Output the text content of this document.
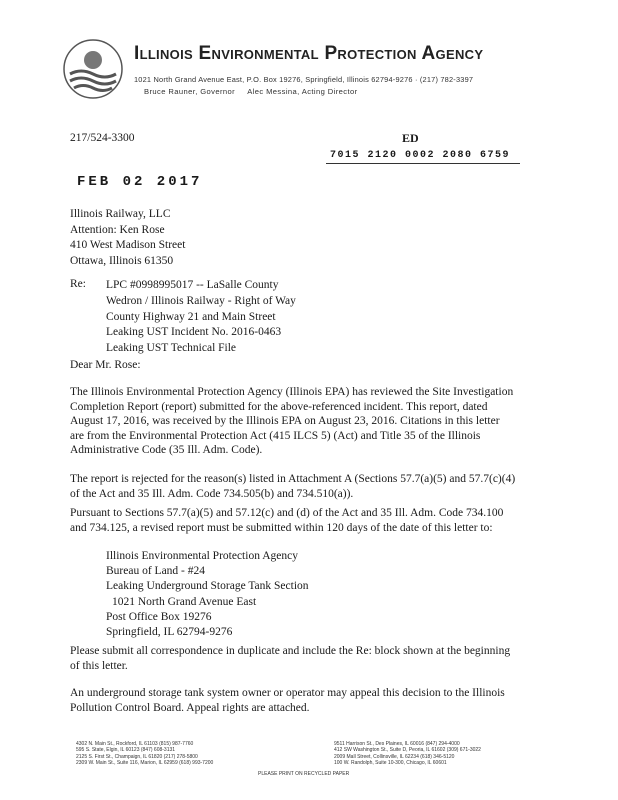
Illinois Environmental Protection Agency
1021 North Grand Avenue East, P.O. Box 19276, Springfield, Illinois 62794-9276 · (217) 782-3397
Bruce Rauner, Governor Alec Messina, Acting Director
217/524-3300	ED
7015 2120 0002 2080 6759
FEB 02 2017
Illinois Railway, LLC
Attention: Ken Rose
410 West Madison Street
Ottawa, Illinois 61350
Re: LPC #0998995017 -- LaSalle County
Wedron / Illinois Railway - Right of Way
County Highway 21 and Main Street
Leaking UST Incident No. 2016-0463
Leaking UST Technical File
Dear Mr. Rose:
The Illinois Environmental Protection Agency (Illinois EPA) has reviewed the Site Investigation
Completion Report (report) submitted for the above-referenced incident. This report, dated
August 17, 2016, was received by the Illinois EPA on August 23, 2016. Citations in this letter
are from the Environmental Protection Act (415 ILCS 5) (Act) and Title 35 of the Illinois
Administrative Code (35 Ill. Adm. Code).
The report is rejected for the reason(s) listed in Attachment A (Sections 57.7(a)(5) and 57.7(c)(4)
of the Act and 35 Ill. Adm. Code 734.505(b) and 734.510(a)).
Pursuant to Sections 57.7(a)(5) and 57.12(c) and (d) of the Act and 35 Ill. Adm. Code 734.100
and 734.125, a revised report must be submitted within 120 days of the date of this letter to:
Illinois Environmental Protection Agency
Bureau of Land - #24
Leaking Underground Storage Tank Section
1021 North Grand Avenue East
Post Office Box 19276
Springfield, IL 62794-9276
Please submit all correspondence in duplicate and include the Re: block shown at the beginning
of this letter.
An underground storage tank system owner or operator may appeal this decision to the Illinois
Pollution Control Board. Appeal rights are attached.
4302 N. Main St., Rockford, IL 61103 (815) 987-7760
595 S. State, Elgin, IL 60123 (847) 608-3131
2125 S. First St., Champaign, IL 61820 (217) 278-5800
2309 W. Main St., Suite 116, Marion, IL 62959 (618) 993-7200
9511 Harrison St., Des Plaines, IL 60016 (847) 294-4000
412 SW Washington St., Suite D, Peoria, IL 61602 (309) 671-3022
2009 Mall Street, Collinsville, IL 62234 (618) 346-5120
100 W. Randolph, Suite 10-300, Chicago, IL 60601
PLEASE PRINT ON RECYCLED PAPER
